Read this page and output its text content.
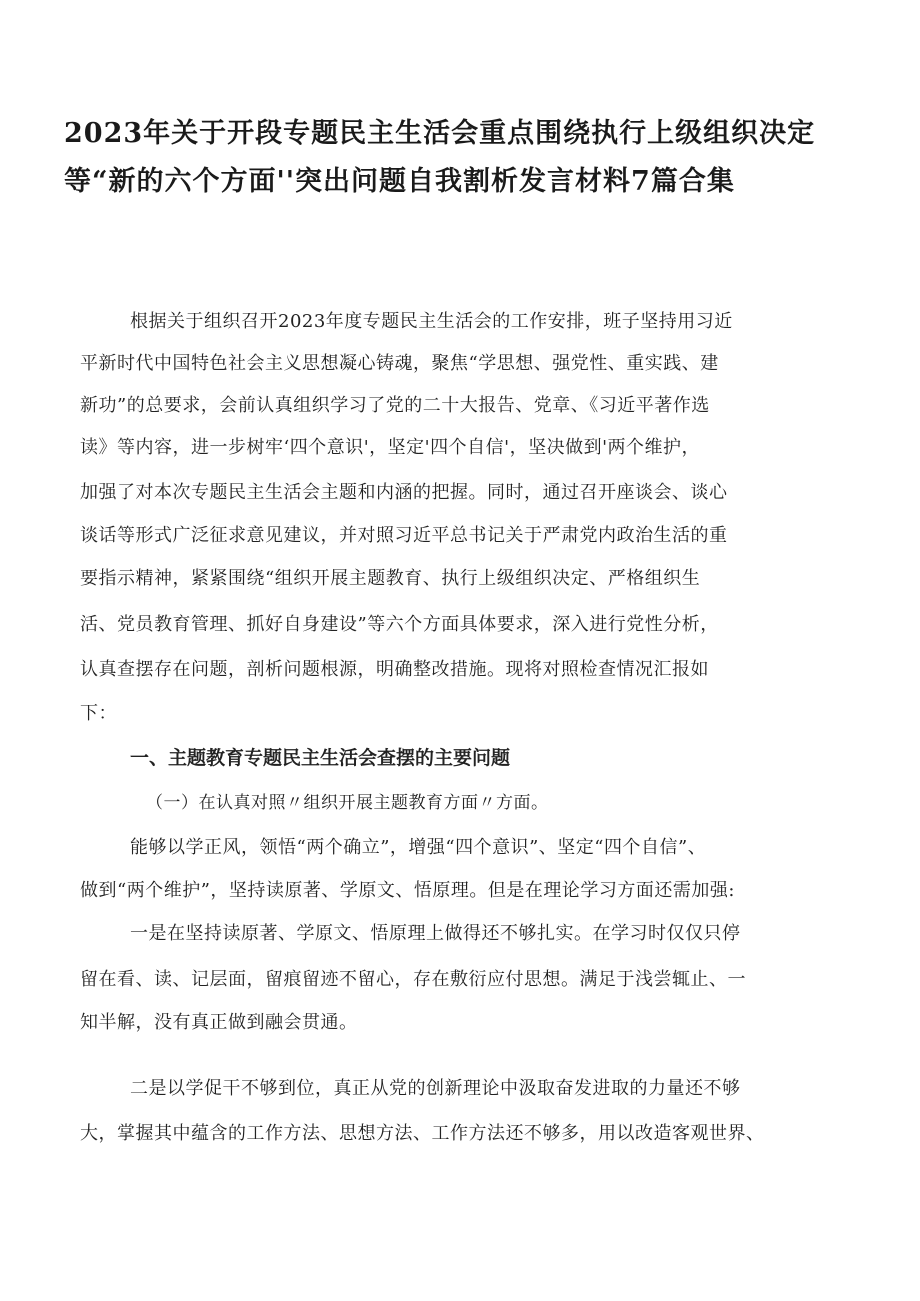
2023年关于开段专题民主生活会重点围绕执行上级组织决定
等“新的六个方面''突出问题自我割析发言材料7篇合集
根据关于组织召开2023年度专题民主生活会的工作安排，班子坚持用习近
平新时代中国特色社会主义思想凝心铸魂，聚焦“学思想、强党性、重实践、建
新功”的总要求，会前认真组织学习了党的二十大报告、党章、《习近平著作选
读》等内容，进一步树牢‘四个意识'，坚定'四个自信'，坚决做到'两个维护，
加强了对本次专题民主生活会主题和内涵的把握。同时，通过召开座谈会、谈心
谈话等形式广泛征求意见建议，并对照习近平总书记关于严肃党内政治生活的重
要指示精神，紧紧围绕“组织开展主题教育、执行上级组织决定、严格组织生
活、党员教育管理、抓好自身建设”等六个方面具体要求，深入进行党性分析，
认真查摆存在问题，剖析问题根源，明确整改措施。现将对照检查情况汇报如
下：
一、主题教育专题民主生活会查摆的主要问题
（一）在认真对照〃组织开展主题教育方面〃方面。
能够以学正风，领悟“两个确立”，增强“四个意识”、坚定“四个自信”、
做到“两个维护”，坚持读原著、学原文、悟原理。但是在理论学习方面还需加强:
一是在坚持读原著、学原文、悟原理上做得还不够扎实。在学习时仅仅只停
留在看、读、记层面，留痕留迹不留心，存在敷衍应付思想。满足于浅尝辄止、一
知半解，没有真正做到融会贯通。
二是以学促干不够到位，真正从党的创新理论中汲取奋发进取的力量还不够
大，掌握其中蕴含的工作方法、思想方法、工作方法还不够多，用以改造客观世界、
